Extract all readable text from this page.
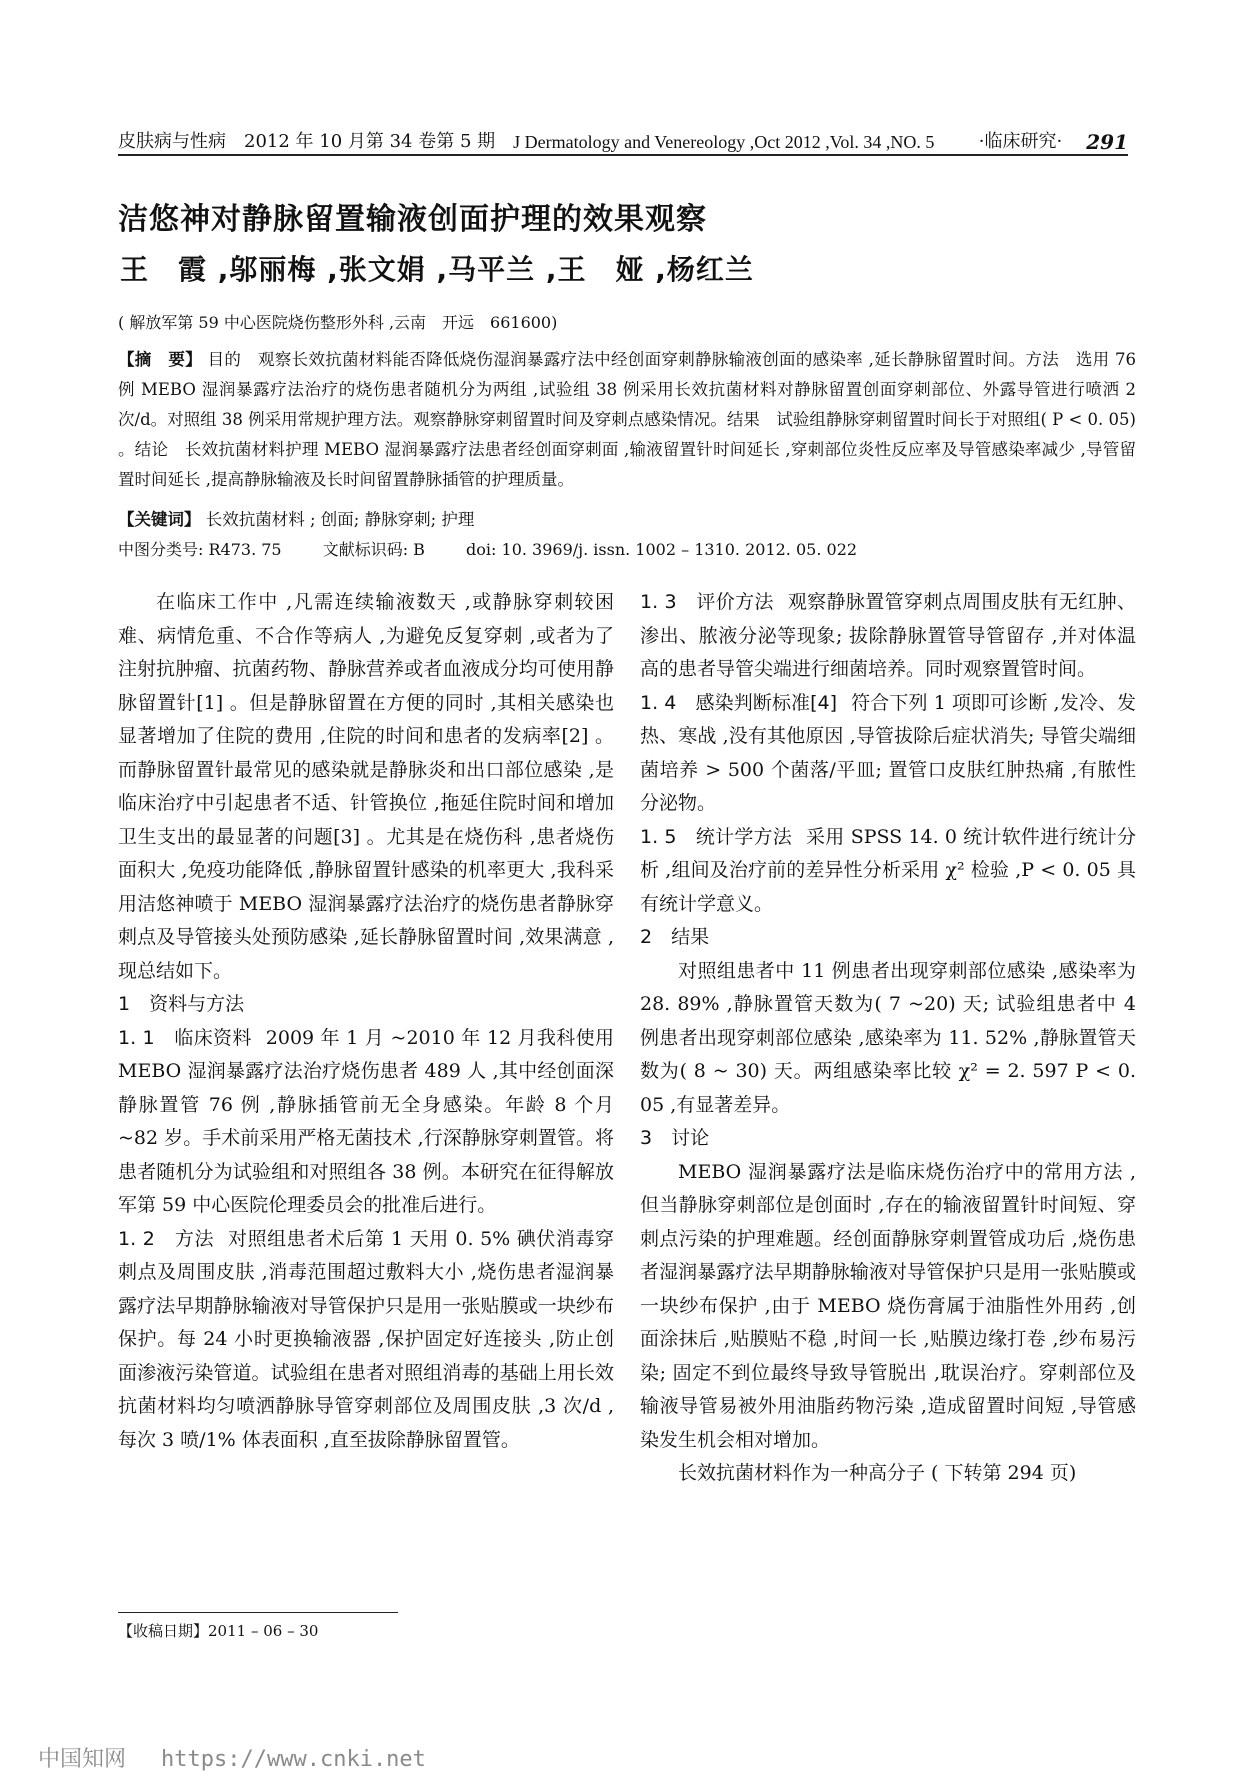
皮肤病与性病 2012 年 10 月第 34 卷第 5 期 J Dermatology and Venereology ,Oct 2012 ,Vol. 34 ,NO. 5 ·临床研究· 291
洁悠神对静脉留置输液创面护理的效果观察
王　霞 ,邬丽梅 ,张文娟 ,马平兰 ,王　娅 ,杨红兰
( 解放军第 59 中心医院烧伤整形外科 ,云南　开远　661600)
【摘　要】 目的　观察长效抗菌材料能否降低烧伤湿润暴露疗法中经创面穿刺静脉输液创面的感染率 ,延长静脉留置时间。方法　选用 76 例 MEBO 湿润暴露疗法治疗的烧伤患者随机分为两组 ,试验组 38 例采用长效抗菌材料对静脉留置创面穿刺部位、外露导管进行喷洒 2 次/d。对照组 38 例采用常规护理方法。观察静脉穿刺留置时间及穿刺点感染情况。结果　试验组静脉穿刺留置时间长于对照组( P < 0. 05) 。结论　长效抗菌材料护理 MEBO 湿润暴露疗法患者经创面穿刺面 ,输液留置针时间延长 ,穿刺部位炎性反应率及导管感染率减少 ,导管留置时间延长 ,提高静脉输液及长时间留置静脉插管的护理质量。
【关键词】 长效抗菌材料 ; 创面; 静脉穿刺; 护理
中图分类号: R473. 75	文献标识码: B	doi: 10. 3969/j. issn. 1002 – 1310. 2012. 05. 022

在临床工作中 ,凡需连续输液数天 ,或静脉穿刺较困难、病情危重、不合作等病人 ,为避免反复穿刺 ,或者为了注射抗肿瘤、抗菌药物、静脉营养或者血液成分均可使用静脉留置针[1] 。但是静脉留置在方便的同时 ,其相关感染也显著增加了住院的费用 ,住院的时间和患者的发病率[2] 。而静脉留置针最常见的感染就是静脉炎和出口部位感染 ,是临床治疗中引起患者不适、针管换位 ,拖延住院时间和增加卫生支出的最显著的问题[3] 。尤其是在烧伤科 ,患者烧伤面积大 ,免疫功能降低 ,静脉留置针感染的机率更大 ,我科采用洁悠神喷于 MEBO 湿润暴露疗法治疗的烧伤患者静脉穿刺点及导管接头处预防感染 ,延长静脉留置时间 ,效果满意 ,现总结如下。

1　资料与方法

1. 1　临床资料 2009 年 1 月 ~2010 年 12 月我科使用 MEBO 湿润暴露疗法治疗烧伤患者 489 人 ,其中经创面深静脉置管 76 例 ,静脉插管前无全身感染。年龄 8 个月 ~82 岁。手术前采用严格无菌技术 ,行深静脉穿刺置管。将患者随机分为试验组和对照组各 38 例。本研究在征得解放军第 59 中心医院伦理委员会的批准后进行。

1. 2　方法 对照组患者术后第 1 天用 0. 5% 碘伏消毒穿刺点及周围皮肤 ,消毒范围超过敷料大小 ,烧伤患者湿润暴露疗法早期静脉输液对导管保护只是用一张贴膜或一块纱布保护。每 24 小时更换输液器 ,保护固定好连接头 ,防止创面渗液污染管道。试验组在患者对照组消毒的基础上用长效抗菌材料均匀喷洒静脉导管穿刺部位及周围皮肤 ,3 次/d ,每次 3 喷/1% 体表面积 ,直至拔除静脉留置管。

1. 3　评价方法 观察静脉置管穿刺点周围皮肤有无红肿、渗出、脓液分泌等现象; 拔除静脉置管导管留存 ,并对体温高的患者导管尖端进行细菌培养。同时观察置管时间。

1. 4　感染判断标准[4] 符合下列 1 项即可诊断 ,发冷、发热、寒战 ,没有其他原因 ,导管拔除后症状消失; 导管尖端细菌培养 > 500 个菌落/平皿; 置管口皮肤红肿热痛 ,有脓性分泌物。

1. 5　统计学方法 采用 SPSS 14. 0 统计软件进行统计分析 ,组间及治疗前的差异性分析采用 χ² 检验 ,P < 0. 05 具有统计学意义。

2　结果

对照组患者中 11 例患者出现穿刺部位感染 ,感染率为 28. 89% ,静脉置管天数为( 7 ~20) 天; 试验组患者中 4 例患者出现穿刺部位感染 ,感染率为 11. 52% ,静脉置管天数为( 8 ~ 30) 天。两组感染率比较 χ² = 2. 597 P < 0. 05 ,有显著差异。

3　讨论

MEBO 湿润暴露疗法是临床烧伤治疗中的常用方法 ,但当静脉穿刺部位是创面时 ,存在的输液留置针时间短、穿刺点污染的护理难题。经创面静脉穿刺置管成功后 ,烧伤患者湿润暴露疗法早期静脉输液对导管保护只是用一张贴膜或一块纱布保护 ,由于 MEBO 烧伤膏属于油脂性外用药 ,创面涂抹后 ,贴膜贴不稳 ,时间一长 ,贴膜边缘打卷 ,纱布易污染; 固定不到位最终导致导管脱出 ,耽误治疗。穿刺部位及输液导管易被外用油脂药物污染 ,造成留置时间短 ,导管感染发生机会相对增加。

长效抗菌材料作为一种高分子 ( 下转第 294 页)

【收稿日期】2011 – 06 – 30
中国知网 https://www.cnki.net
